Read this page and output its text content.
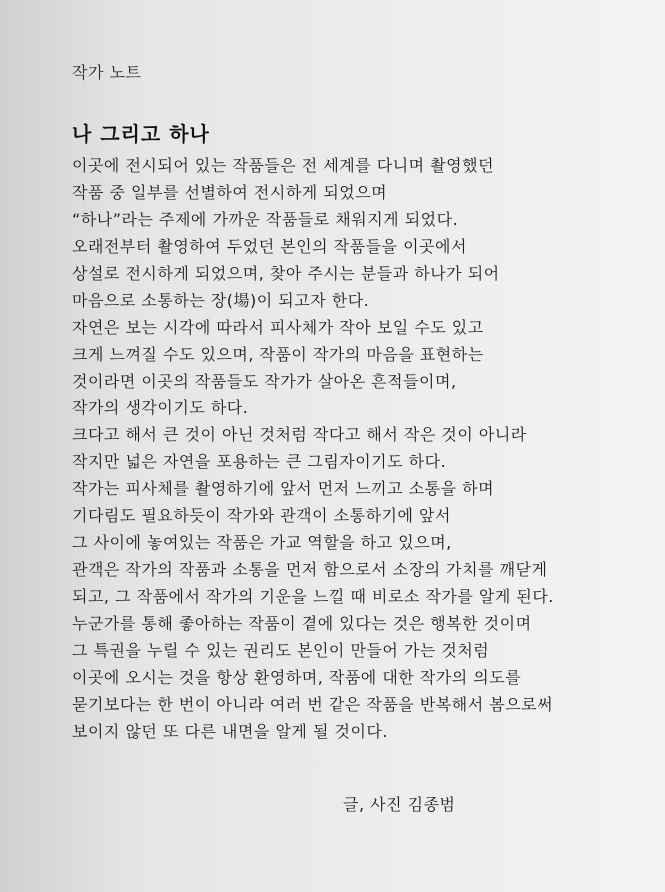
작가 노트
나 그리고 하나
이곳에 전시되어 있는 작품들은 전 세계를 다니며 촬영했던
작품 중 일부를 선별하여 전시하게 되었으며
“하나”라는 주제에 가까운 작품들로 채워지게 되었다.
오래전부터 촬영하여 두었던 본인의 작품들을 이곳에서
상설로 전시하게 되었으며, 찾아 주시는 분들과 하나가 되어
마음으로 소통하는 장(場)이 되고자 한다.
자연은 보는 시각에 따라서 피사체가 작아 보일 수도 있고
크게 느껴질 수도 있으며, 작품이 작가의 마음을 표현하는
것이라면 이곳의 작품들도 작가가 살아온 흔적들이며,
작가의 생각이기도 하다.
크다고 해서 큰 것이 아닌 것처럼 작다고 해서 작은 것이 아니라
작지만 넓은 자연을 포용하는 큰 그림자이기도 하다.
작가는 피사체를 촬영하기에 앞서 먼저 느끼고 소통을 하며
기다림도 필요하듯이 작가와 관객이 소통하기에 앞서
그 사이에 놓여있는 작품은 가교 역할을 하고 있으며,
관객은 작가의 작품과 소통을 먼저 함으로서 소장의 가치를 깨닫게
되고, 그 작품에서 작가의 기운을 느낄 때 비로소 작가를 알게 된다.
누군가를 통해 좋아하는 작품이 곁에 있다는 것은 행복한 것이며
그 특권을 누릴 수 있는 권리도 본인이 만들어 가는 것처럼
이곳에 오시는 것을 항상 환영하며, 작품에 대한 작가의 의도를
묻기보다는 한 번이 아니라 여러 번 같은 작품을 반복해서 봄으로써
보이지 않던 또 다른 내면을 알게 될 것이다.
글, 사진 김종범
